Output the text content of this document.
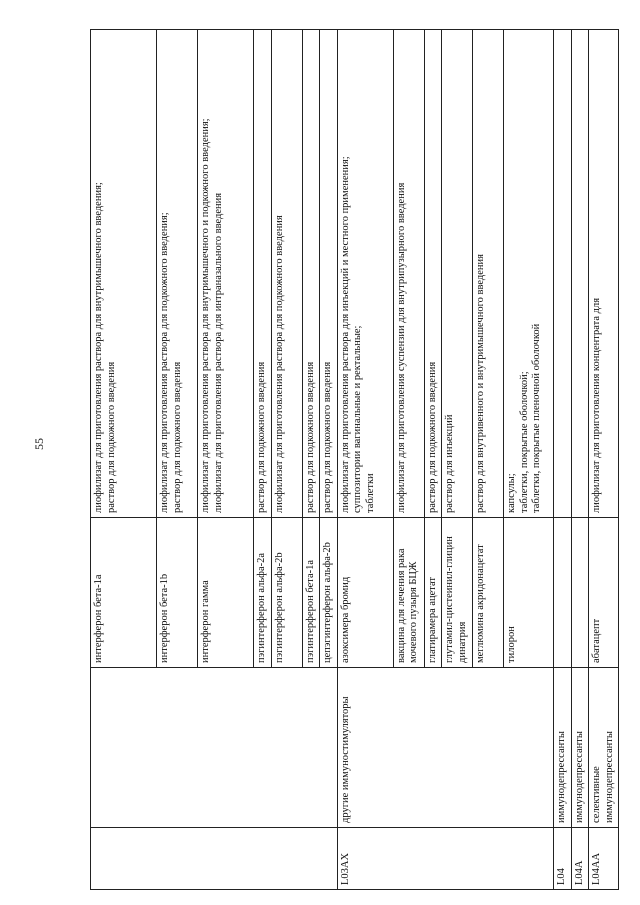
55
		интерферон бета-1a	лиофилизат для приготовления раствора для внутримышечного введения; раствор для подкожного введения

		интерферон бета-1b	лиофилизат для приготовления раствора для подкожного введения; раствор для подкожного введения

		интерферон гамма	лиофилизат для приготовления раствора для внутримышечного и подкожного введения; лиофилизат для приготовления раствора для интраназального введения

		пэгинтерферон альфа-2a	раствор для подкожного введения

		пэгинтерферон альфа-2b	лиофилизат для приготовления раствора для подкожного введения

		пэгинтерферон бета-1a	раствор для подкожного введения

		цепэгинтерферон альфа-2b	раствор для подкожного введения

L03AX	другие иммуностимуляторы	азоксимера бромид	лиофилизат для приготовления раствора для инъекций и местного применения; суппозитории вагинальные и ректальные; таблетки

		вакцина для лечения рака мочевого пузыря БЦЖ	лиофилизат для приготовления суспензии для внутрипузырного введения

		глатирамера ацетат	раствор для подкожного введения

		глутамил-цистеинил-глицин динатрия	раствор для инъекций

		меглюмина акридонацетат	раствор для внутривенного и внутримышечного введения

		тилорон	капсулы; таблетки, покрытые оболочкой; таблетки, покрытые пленочной оболочкой

L04	иммунодепрессанты		
L04A	иммунодепрессанты		
L04AA	селективные иммунодепрессанты	абатацепт	лиофилизат для приготовления концентрата для
